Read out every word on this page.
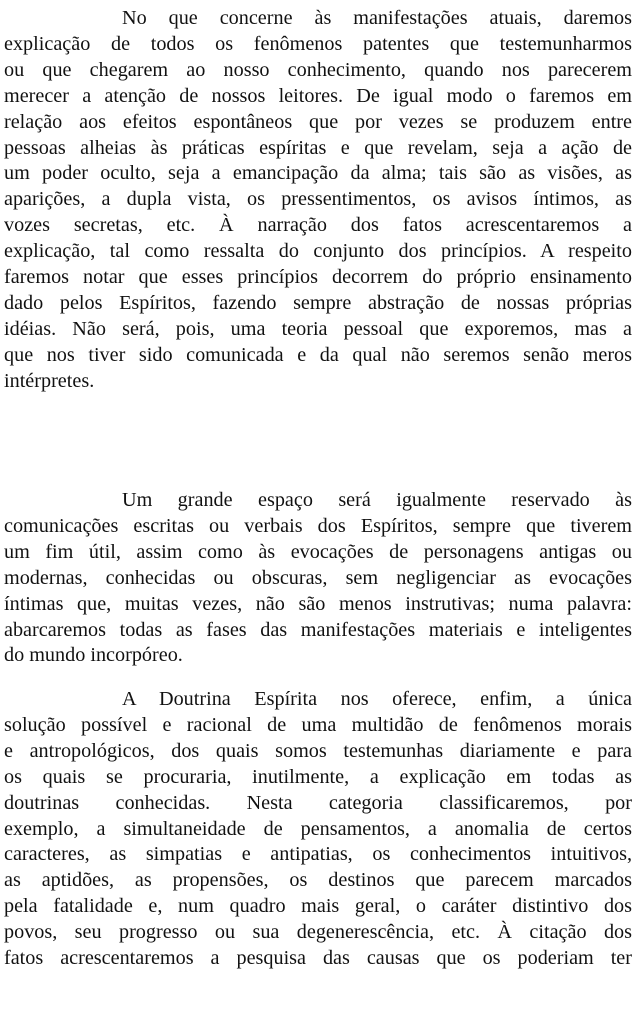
No que concerne às manifestações atuais, daremos
explicação de todos os fenômenos patentes que testemunharmos
ou que chegarem ao nosso conhecimento, quando nos parecerem
merecer a atenção de nossos leitores. De igual modo o faremos em
relação aos efeitos espontâneos que por vezes se produzem entre
pessoas alheias às práticas espíritas e que revelam, seja a ação de
um poder oculto, seja a emancipação da alma; tais são as visões, as
aparições, a dupla vista, os pressentimentos, os avisos íntimos, as
vozes secretas, etc. À narração dos fatos acrescentaremos a
explicação, tal como ressalta do conjunto dos princípios. A respeito
faremos notar que esses princípios decorrem do próprio ensinamento
dado pelos Espíritos, fazendo sempre abstração de nossas próprias
idéias. Não será, pois, uma teoria pessoal que exporemos, mas a
que nos tiver sido comunicada e da qual não seremos senão meros
intérpretes.

Um grande espaço será igualmente reservado às
comunicações escritas ou verbais dos Espíritos, sempre que tiverem
um fim útil, assim como às evocações de personagens antigas ou
modernas, conhecidas ou obscuras, sem negligenciar as evocações
íntimas que, muitas vezes, não são menos instrutivas; numa palavra:
abarcaremos todas as fases das manifestações materiais e inteligentes
do mundo incorpóreo.

A Doutrina Espírita nos oferece, enfim, a única
solução possível e racional de uma multidão de fenômenos morais
e antropológicos, dos quais somos testemunhas diariamente e para
os quais se procuraria, inutilmente, a explicação em todas as
doutrinas conhecidas. Nesta categoria classificaremos, por
exemplo, a simultaneidade de pensamentos, a anomalia de certos
caracteres, as simpatias e antipatias, os conhecimentos intuitivos,
as aptidões, as propensões, os destinos que parecem marcados
pela fatalidade e, num quadro mais geral, o caráter distintivo dos
povos, seu progresso ou sua degenerescência, etc. À citação dos
fatos acrescentaremos a pesquisa das causas que os poderiam ter
